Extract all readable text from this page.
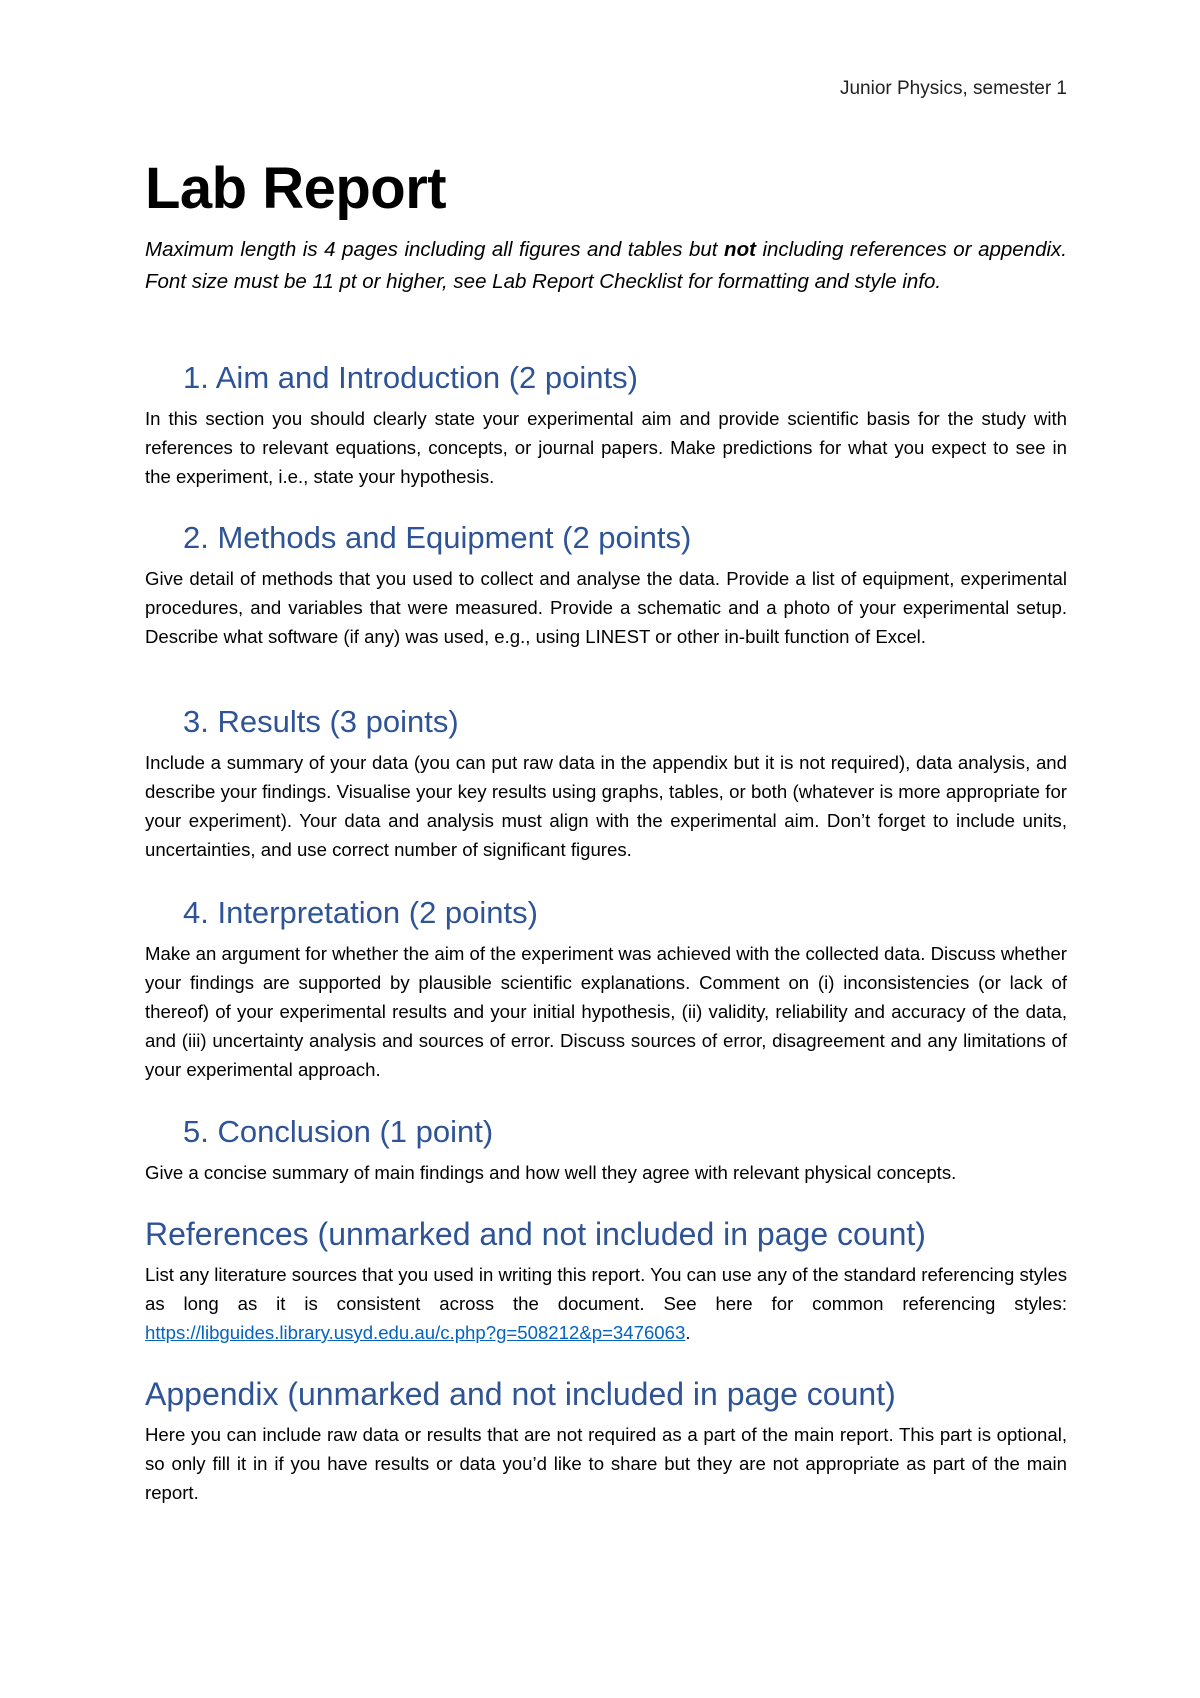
Junior Physics, semester 1
Lab Report

Maximum length is 4 pages including all figures and tables but not including references or appendix. Font size must be 11 pt or higher, see Lab Report Checklist for formatting and style info.

1. Aim and Introduction (2 points)

In this section you should clearly state your experimental aim and provide scientific basis for the study with references to relevant equations, concepts, or journal papers. Make predictions for what you expect to see in the experiment, i.e., state your hypothesis.

2. Methods and Equipment (2 points)

Give detail of methods that you used to collect and analyse the data. Provide a list of equipment, experimental procedures, and variables that were measured. Provide a schematic and a photo of your experimental setup. Describe what software (if any) was used, e.g., using LINEST or other in-built function of Excel.

3. Results (3 points)

Include a summary of your data (you can put raw data in the appendix but it is not required), data analysis, and describe your findings. Visualise your key results using graphs, tables, or both (whatever is more appropriate for your experiment). Your data and analysis must align with the experimental aim. Don’t forget to include units, uncertainties, and use correct number of significant figures.

4. Interpretation (2 points)

Make an argument for whether the aim of the experiment was achieved with the collected data. Discuss whether your findings are supported by plausible scientific explanations. Comment on (i) inconsistencies (or lack of thereof) of your experimental results and your initial hypothesis, (ii) validity, reliability and accuracy of the data, and (iii) uncertainty analysis and sources of error. Discuss sources of error, disagreement and any limitations of your experimental approach.

5. Conclusion (1 point)

Give a concise summary of main findings and how well they agree with relevant physical concepts.

References (unmarked and not included in page count)

List any literature sources that you used in writing this report. You can use any of the standard referencing styles as long as it is consistent across the document. See here for common referencing styles: https://libguides.library.usyd.edu.au/c.php?g=508212&p=3476063.

Appendix (unmarked and not included in page count)

Here you can include raw data or results that are not required as a part of the main report. This part is optional, so only fill it in if you have results or data you’d like to share but they are not appropriate as part of the main report.
